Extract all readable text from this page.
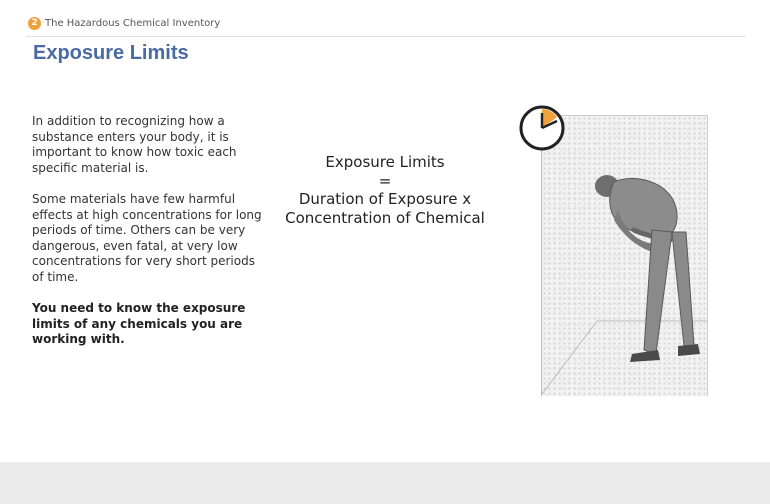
2 The Hazardous Chemical Inventory
Exposure Limits

In addition to recognizing how a substance enters your body, it is important to know how toxic each specific material is.

Some materials have few harmful effects at high concentrations for long periods of time. Others can be very dangerous, even fatal, at very low concentrations for very short periods of time.

You need to know the exposure limits of any chemicals you are working with.

Exposure Limits
=
Duration of Exposure x
Concentration of Chemical
